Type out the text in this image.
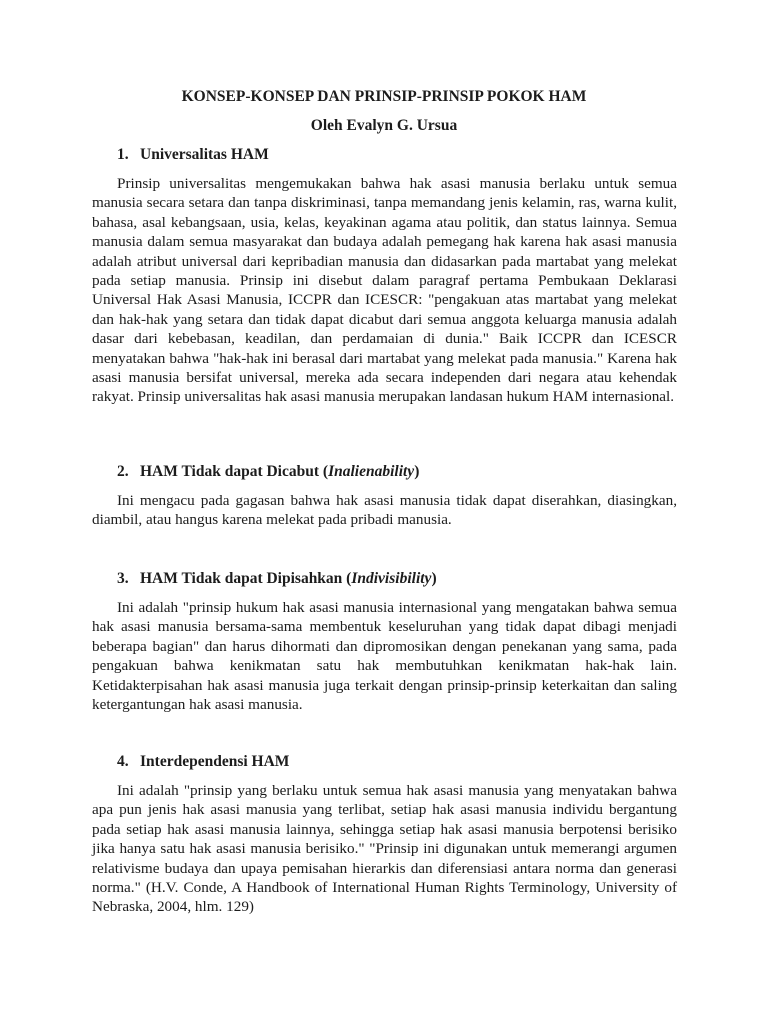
KONSEP-KONSEP DAN PRINSIP-PRINSIP POKOK HAM

Oleh Evalyn G. Ursua

1. Universalitas HAM

Prinsip universalitas mengemukakan bahwa hak asasi manusia berlaku untuk semua manusia secara setara dan tanpa diskriminasi, tanpa memandang jenis kelamin, ras, warna kulit, bahasa, asal kebangsaan, usia, kelas, keyakinan agama atau politik, dan status lainnya. Semua manusia dalam semua masyarakat dan budaya adalah pemegang hak karena hak asasi manusia adalah atribut universal dari kepribadian manusia dan didasarkan pada martabat yang melekat pada setiap manusia. Prinsip ini disebut dalam paragraf pertama Pembukaan Deklarasi Universal Hak Asasi Manusia, ICCPR dan ICESCR: "pengakuan atas martabat yang melekat dan hak-hak yang setara dan tidak dapat dicabut dari semua anggota keluarga manusia adalah dasar dari kebebasan, keadilan, dan perdamaian di dunia." Baik ICCPR dan ICESCR menyatakan bahwa "hak-hak ini berasal dari martabat yang melekat pada manusia." Karena hak asasi manusia bersifat universal, mereka ada secara independen dari negara atau kehendak rakyat. Prinsip universalitas hak asasi manusia merupakan landasan hukum HAM internasional.

2. HAM Tidak dapat Dicabut (Inalienability)

Ini mengacu pada gagasan bahwa hak asasi manusia tidak dapat diserahkan, diasingkan, diambil, atau hangus karena melekat pada pribadi manusia.

3. HAM Tidak dapat Dipisahkan (Indivisibility)

Ini adalah "prinsip hukum hak asasi manusia internasional yang mengatakan bahwa semua hak asasi manusia bersama-sama membentuk keseluruhan yang tidak dapat dibagi menjadi beberapa bagian" dan harus dihormati dan dipromosikan dengan penekanan yang sama, pada pengakuan bahwa kenikmatan satu hak membutuhkan kenikmatan hak-hak lain. Ketidakterpisahan hak asasi manusia juga terkait dengan prinsip-prinsip keterkaitan dan saling ketergantungan hak asasi manusia.

4. Interdependensi HAM

Ini adalah "prinsip yang berlaku untuk semua hak asasi manusia yang menyatakan bahwa apa pun jenis hak asasi manusia yang terlibat, setiap hak asasi manusia individu bergantung pada setiap hak asasi manusia lainnya, sehingga setiap hak asasi manusia berpotensi berisiko jika hanya satu hak asasi manusia berisiko." "Prinsip ini digunakan untuk memerangi argumen relativisme budaya dan upaya pemisahan hierarkis dan diferensiasi antara norma dan generasi norma." (H.V. Conde, A Handbook of International Human Rights Terminology, University of Nebraska, 2004, hlm. 129)
